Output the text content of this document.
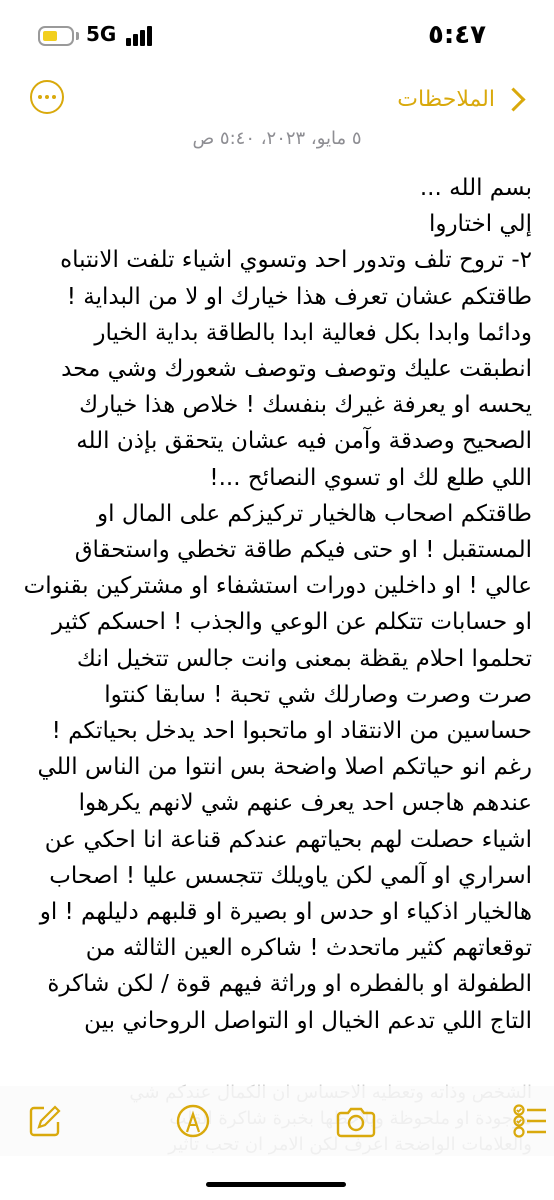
5G	٥:٤٧
الملاحظات
٥ مايو، ٢٠٢٣، ٥:٤٠ ص

بسم الله ...

إلي اختاروا

٢- تروح تلف وتدور احد وتسوي اشياء تلفت الانتباه

طاقتكم عشان تعرف هذا خيارك او لا من البداية !

ودائما وابدا بكل فعالية ابدا بالطاقة بداية الخيار

انطبقت عليك وتوصف وتوصف شعورك وشي محد

يحسه او يعرفة غيرك بنفسك ! خلاص هذا خيارك

الصحيح وصدقة وآمن فيه عشان يتحقق بإذن الله

اللي طلع لك او تسوي النصائح ...!

طاقتكم اصحاب هالخيار تركيزكم على المال او

المستقبل ! او حتى فيكم طاقة تخطي واستحقاق

عالي ! او داخلين دورات استشفاء او مشتركين بقنوات

او حسابات تتكلم عن الوعي والجذب ! احسكم كثير

تحلموا احلام يقظة بمعنى وانت جالس تتخيل انك

صرت وصرت وصارلك شي تحبة ! سابقا كنتوا

حساسين من الانتقاد او ماتحبوا احد يدخل بحياتكم !

رغم انو حياتكم اصلا واضحة بس انتوا من الناس اللي

عندهم هاجس احد يعرف عنهم شي لانهم يكرهوا

اشياء حصلت لهم بحياتهم عندكم قناعة انا احكي عن

اسراري او آلمي لكن ياويلك تتجسس عليا ! اصحاب

هالخيار اذكياء او حدس او بصيرة او قلبهم دليلهم ! او

توقعاتهم كثير ماتحدث ! شاكره العين الثالثه من

الطفولة او بالفطره او وراثة فيهم قوة / لكن شاكرة

التاج اللي تدعم الخيال او التواصل الروحاني بين
